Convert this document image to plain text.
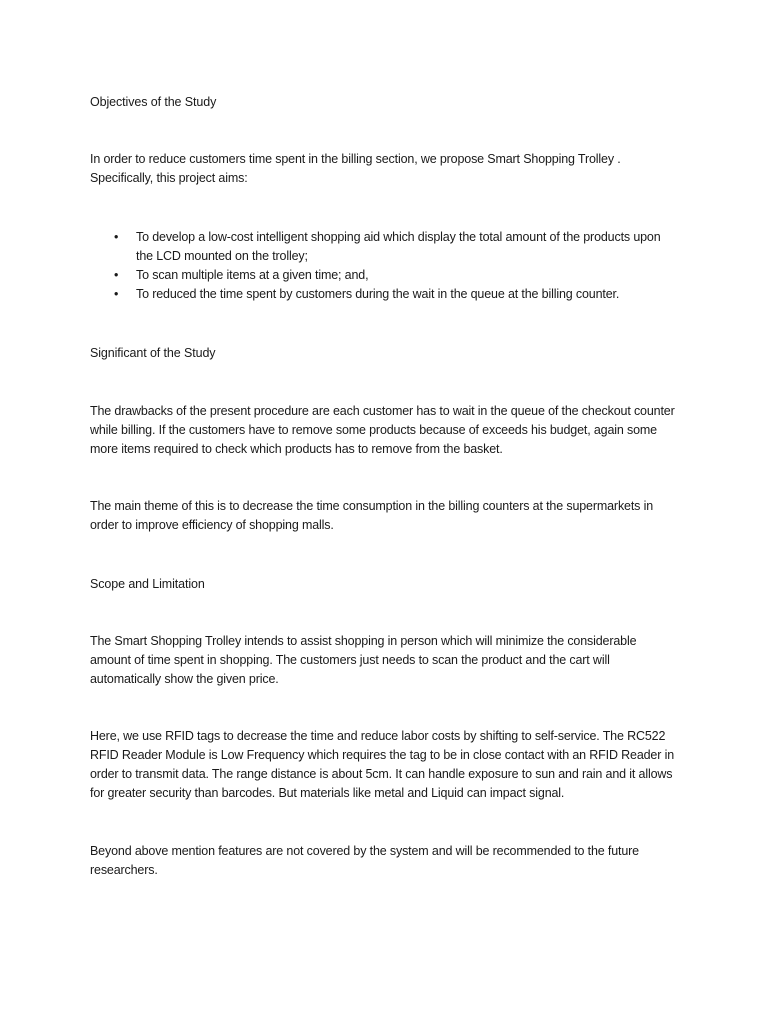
Objectives of the Study

In order to reduce customers time spent in the billing section, we propose Smart Shopping Trolley . Specifically, this project aims:

• To develop a low-cost intelligent shopping aid which display the total amount of the products upon the LCD mounted on the trolley;
• To scan multiple items at a given time; and,
• To reduced the time spent by customers during the wait in the queue at the billing counter.
Significant of the Study

The drawbacks of the present procedure are each customer has to wait in the queue of the checkout counter while billing. If the customers have to remove some products because of exceeds his budget, again some more items required to check which products has to remove from the basket.

The main theme of this is to decrease the time consumption in the billing counters at the supermarkets in order to improve efficiency of shopping malls.

Scope and Limitation

The Smart Shopping Trolley intends to assist shopping in person which will minimize the considerable amount of time spent in shopping. The customers just needs to scan the product and the cart will automatically show the given price.

Here, we use RFID tags to decrease the time and reduce labor costs by shifting to self-service. The RC522 RFID Reader Module is Low Frequency which requires the tag to be in close contact with an RFID Reader in order to transmit data. The range distance is about 5cm. It can handle exposure to sun and rain and it allows for greater security than barcodes. But materials like metal and Liquid can impact signal.

Beyond above mention features are not covered by the system and will be recommended to the future researchers.
